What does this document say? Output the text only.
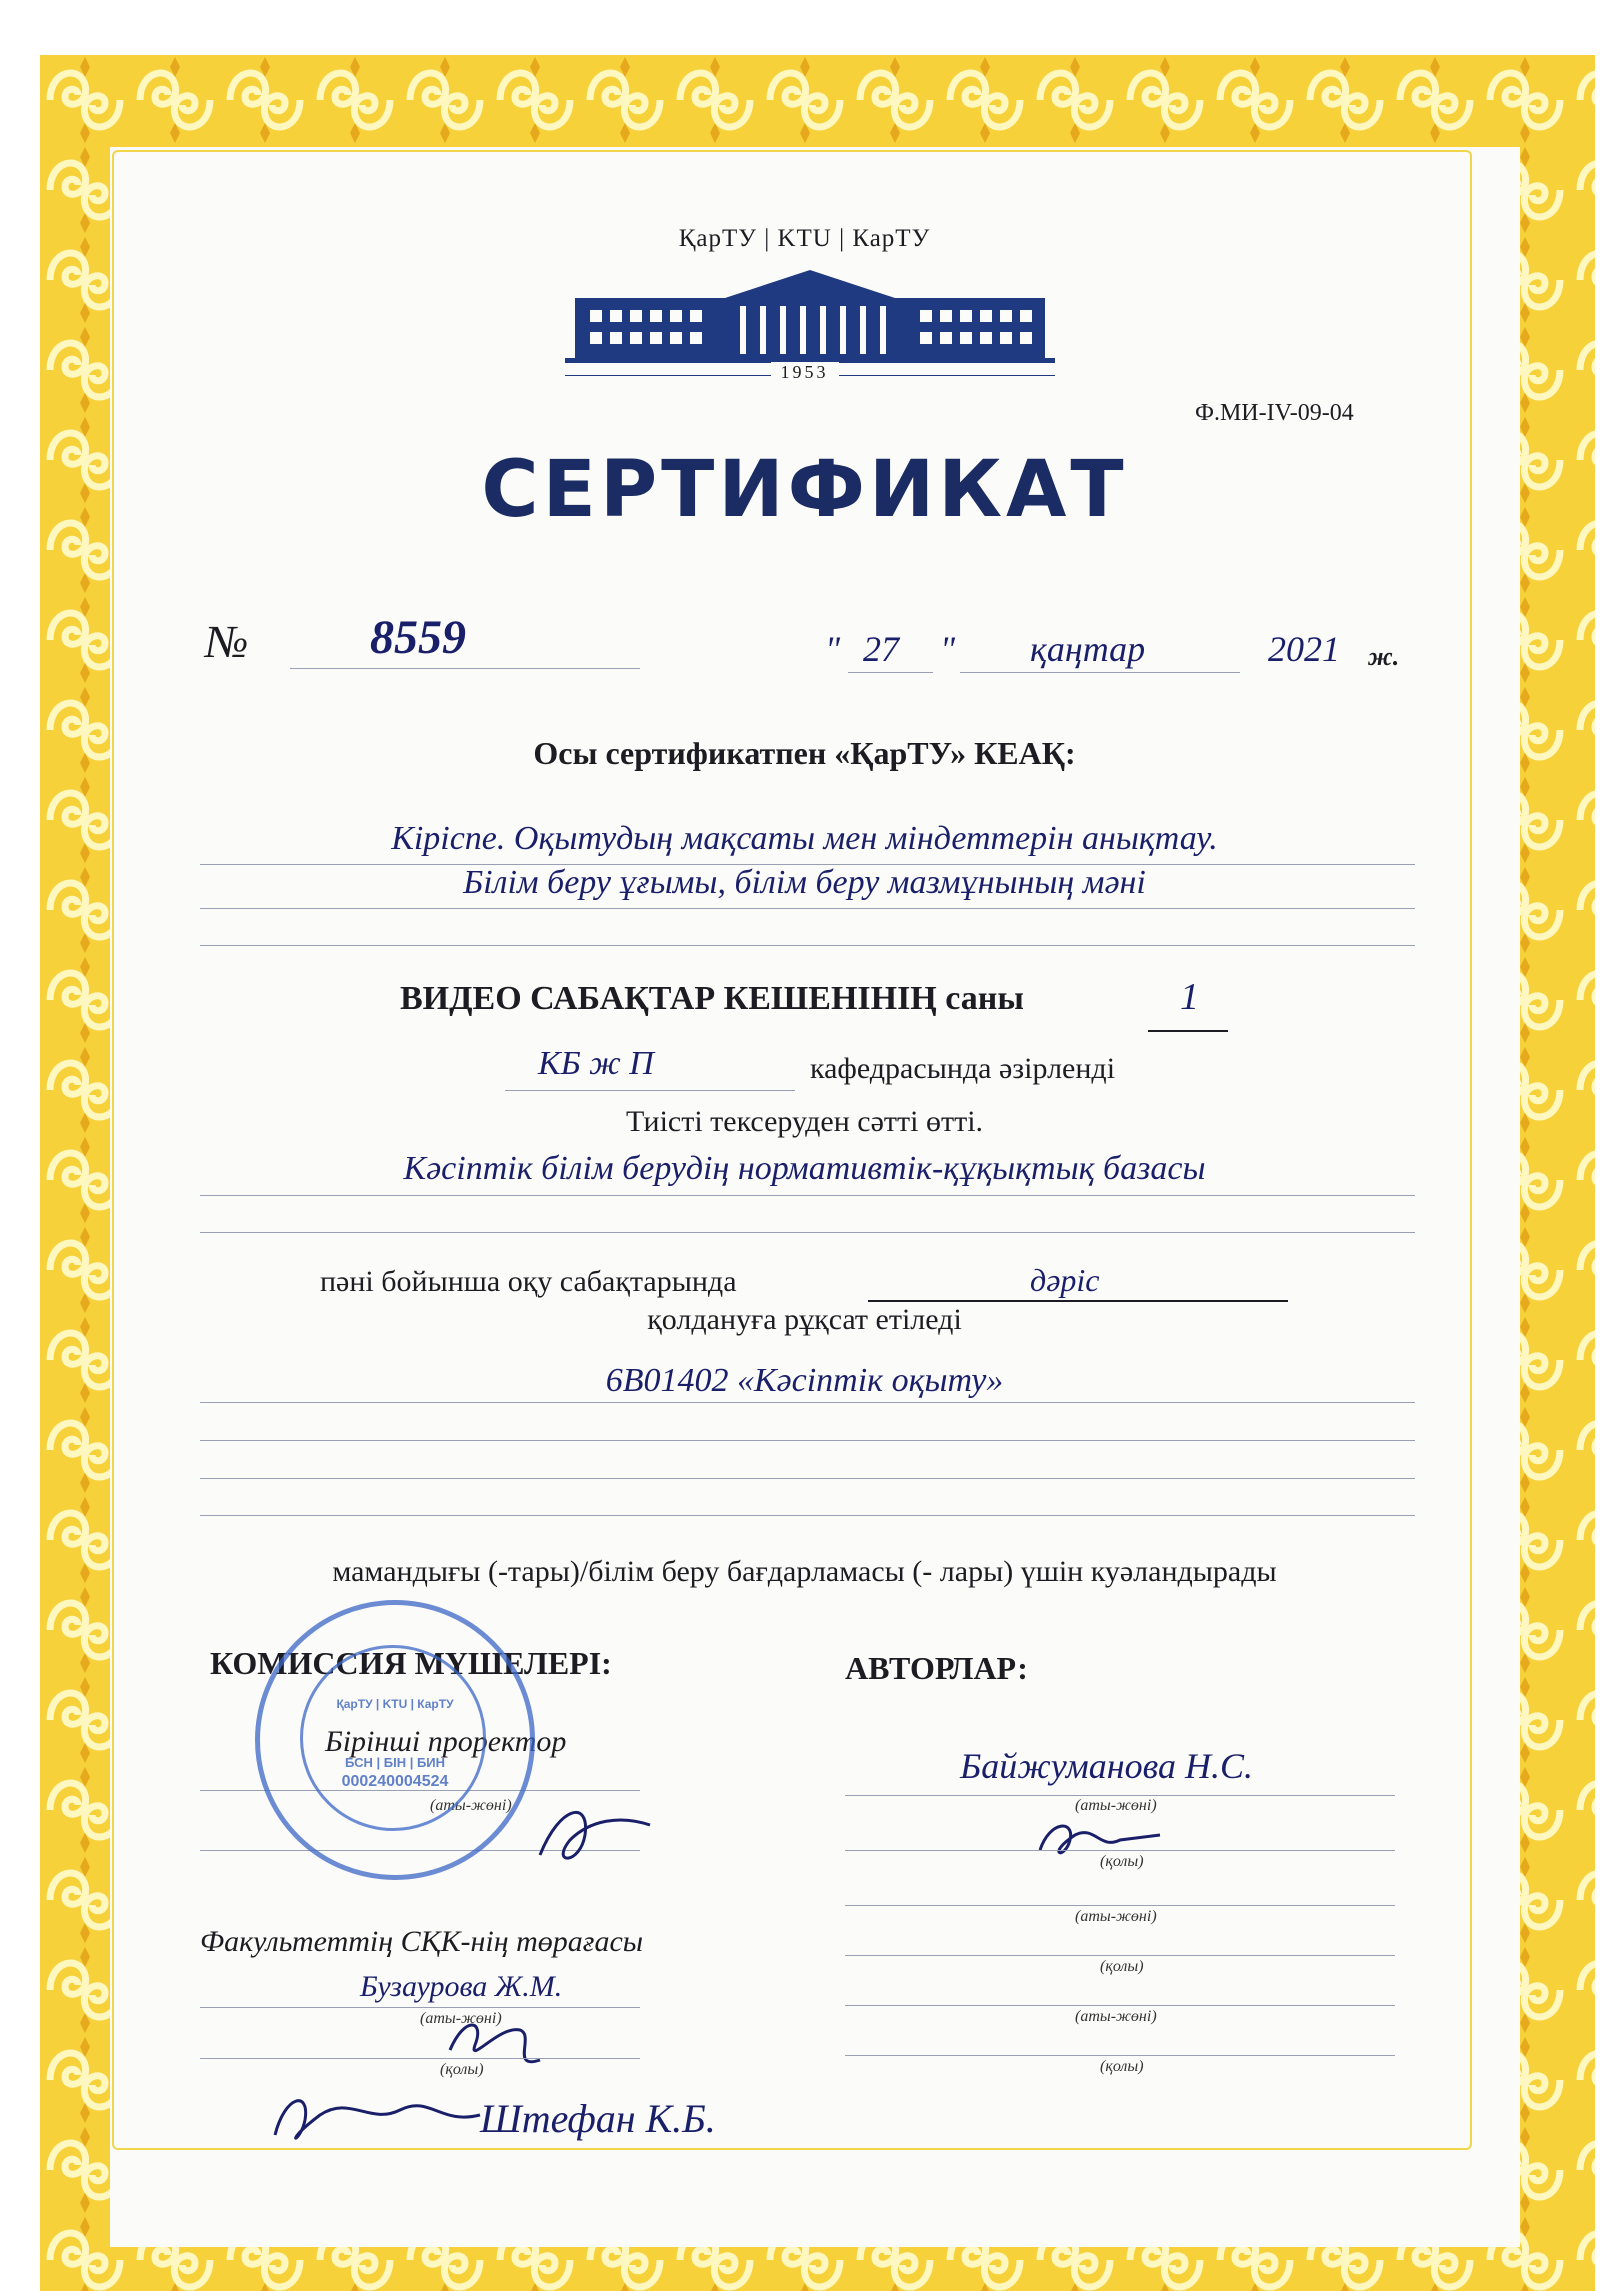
ҚарТУ | KTU | КарТУ
1953
Ф.МИ-IV-09-04
СЕРТИФИКАТ
№	8559	" 27 " қаңтар	2021 ж.
Осы сертификатпен «ҚарТУ» КЕАҚ:
Кіріспе. Оқытудың мақсаты мен міндеттерін анықтау.
Білім беру ұғымы, білім беру мазмұнының мәні
ВИДЕО САБАҚТАР КЕШЕНІНІҢ саны	1
КБ ж П	кафедрасында әзірленді
Тиісті тексеруден сәтті өтті.
Кәсіптік білім берудің нормативтік-құқықтық базасы
пәні бойынша оқу сабақтарында	дәріс
қолдануға рұқсат етіледі
6В01402 «Кәсіптік оқыту»
мамандығы (-тары)/білім беру бағдарламасы (- лары) үшін куәландырады
КОМИССИЯ МҮШЕЛЕРІ:
Бірінші проректор
(аты-жөні)
ҚарТУ | KTU | КарТУ
БСН | БІН | БИН
000240004524
Факультеттің СҚК-нің төрағасы
Бузаурова Ж.М.
(аты-жөні)
(қолы)
Штефан К.Б.
АВТОРЛАР:
Байжуманова Н.С.
(аты-жөні)
(қолы)
(аты-жөні)
(қолы)
(аты-жөні)
(қолы)
